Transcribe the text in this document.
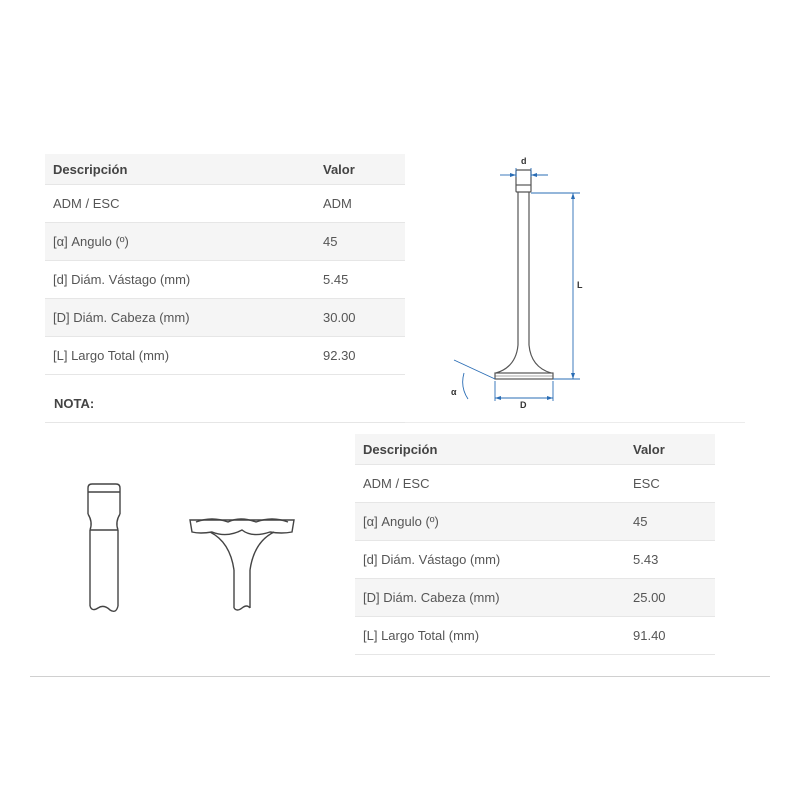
Descripción	Valor
ADM / ESC	ADM
[α] Angulo (º)	45
[d] Diám. Vástago (mm)	5.45
[D] Diám. Cabeza (mm)	30.00
[L] Largo Total (mm)	92.30
NOTA:
d
L
D
α
Descripción	Valor
ADM / ESC	ESC
[α] Angulo (º)	45
[d] Diám. Vástago (mm)	5.43
[D] Diám. Cabeza (mm)	25.00
[L] Largo Total (mm)	91.40
